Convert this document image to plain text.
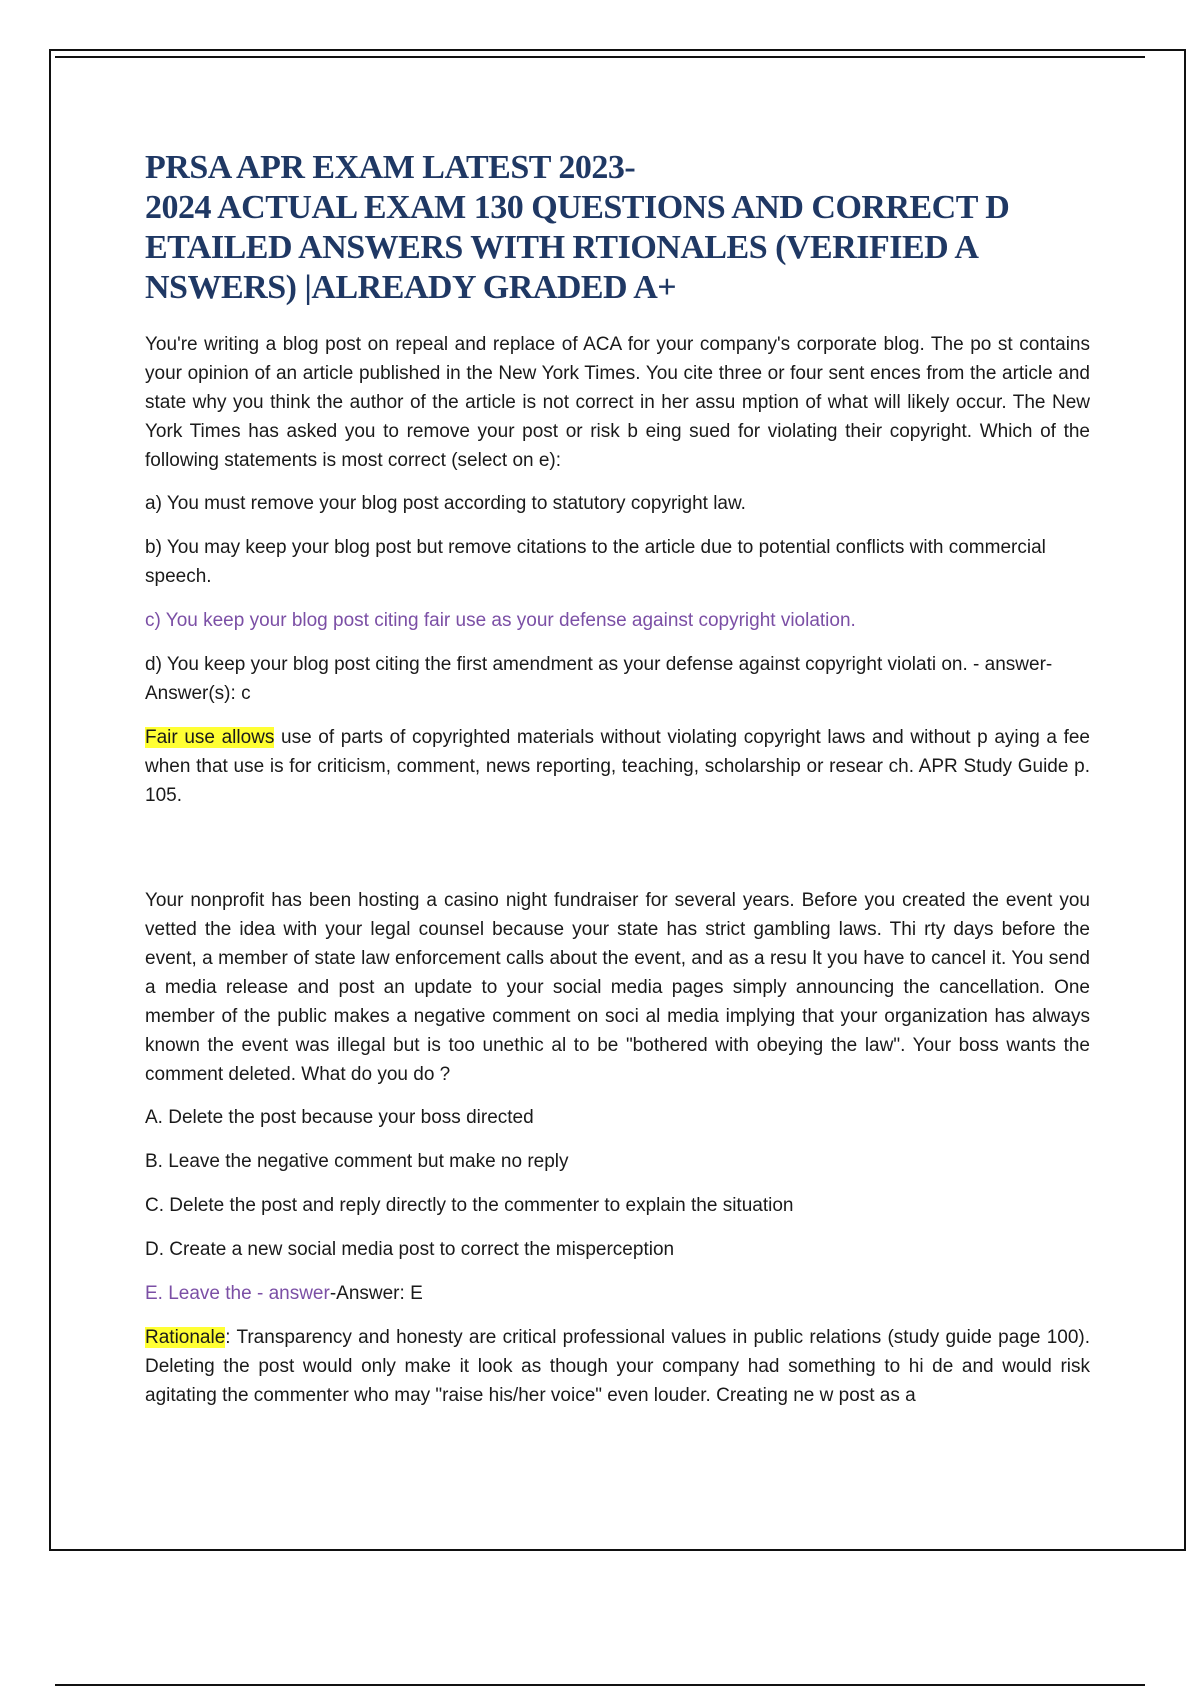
PRSA APR EXAM LATEST 2023-
2024 ACTUAL EXAM 130 QUESTIONS AND CORRECT D
ETAILED ANSWERS WITH RTIONALES (VERIFIED A
NSWERS) |ALREADY GRADED A+

You're writing a blog post on repeal and replace of ACA for your company's corporate blog. The po st contains your opinion of an article published in the New York Times. You cite three or four sent ences from the article and state why you think the author of the article is not correct in her assu mption of what will likely occur. The New York Times has asked you to remove your post or risk b eing sued for violating their copyright. Which of the following statements is most correct (select on e):

a) You must remove your blog post according to statutory copyright law.

b) You may keep your blog post but remove citations to the article due to potential conflicts with commercial speech.

c) You keep your blog post citing fair use as your defense against copyright violation.

d) You keep your blog post citing the first amendment as your defense against copyright violati on. - answer-Answer(s): c

Fair use allows use of parts of copyrighted materials without violating copyright laws and without p aying a fee when that use is for criticism, comment, news reporting, teaching, scholarship or resear ch. APR Study Guide p. 105.

Your nonprofit has been hosting a casino night fundraiser for several years. Before you created the event you vetted the idea with your legal counsel because your state has strict gambling laws. Thi rty days before the event, a member of state law enforcement calls about the event, and as a resu lt you have to cancel it. You send a media release and post an update to your social media pages simply announcing the cancellation. One member of the public makes a negative comment on soci al media implying that your organization has always known the event was illegal but is too unethic al to be "bothered with obeying the law". Your boss wants the comment deleted. What do you do ?

A. Delete the post because your boss directed

B. Leave the negative comment but make no reply

C. Delete the post and reply directly to the commenter to explain the situation

D. Create a new social media post to correct the misperception

E. Leave the - answer-Answer: E

Rationale: Transparency and honesty are critical professional values in public relations (study guide page 100). Deleting the post would only make it look as though your company had something to hi de and would risk agitating the commenter who may "raise his/her voice" even louder. Creating ne w post as a
